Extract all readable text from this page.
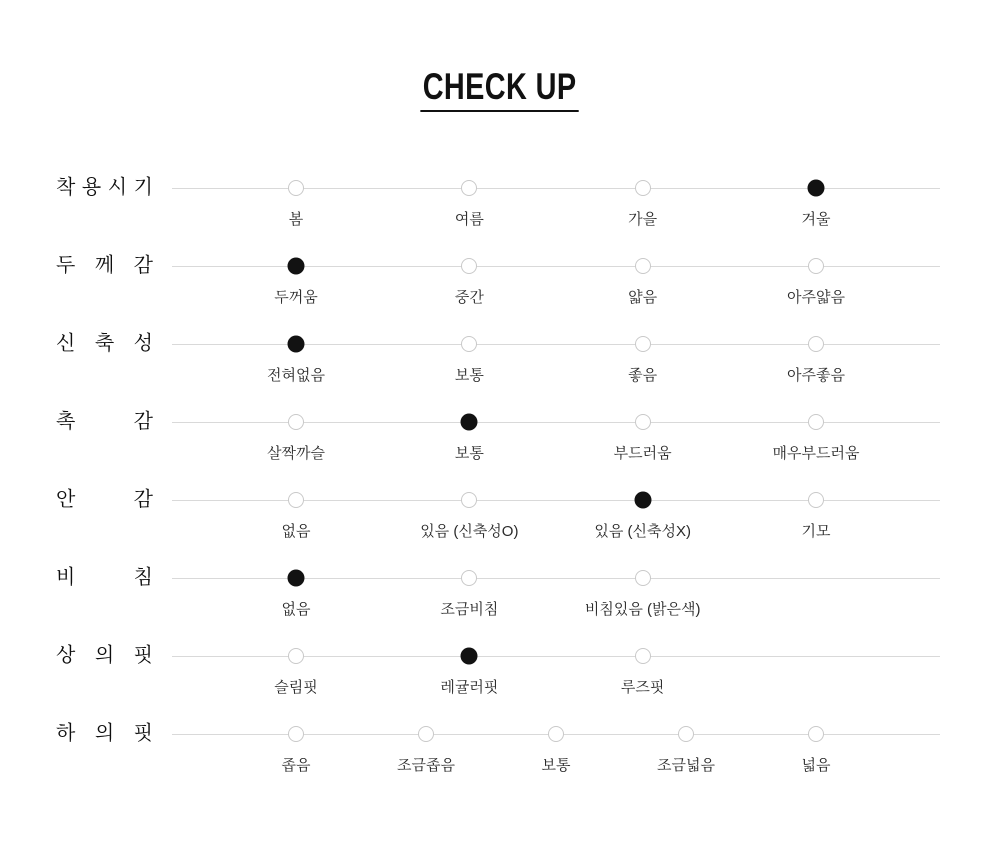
CHECK UP
착 용 시 기
봄	여름	가을	겨울
두 께 감
두꺼움	중간	얇음	아주얇음
신 축 성
전혀없음	보통	좋음	아주좋음
촉	감
살짝까슬	보통	부드러움	매우부드러움
안	감
없음	있음 (신축성O)	있음 (신축성X)	기모
비	침
없음	조금비침	비침있음 (밝은색)
상 의 핏
슬림핏	레귤러핏	루즈핏
하 의 핏
좁음	조금좁음	보통	조금넓음	넓음
